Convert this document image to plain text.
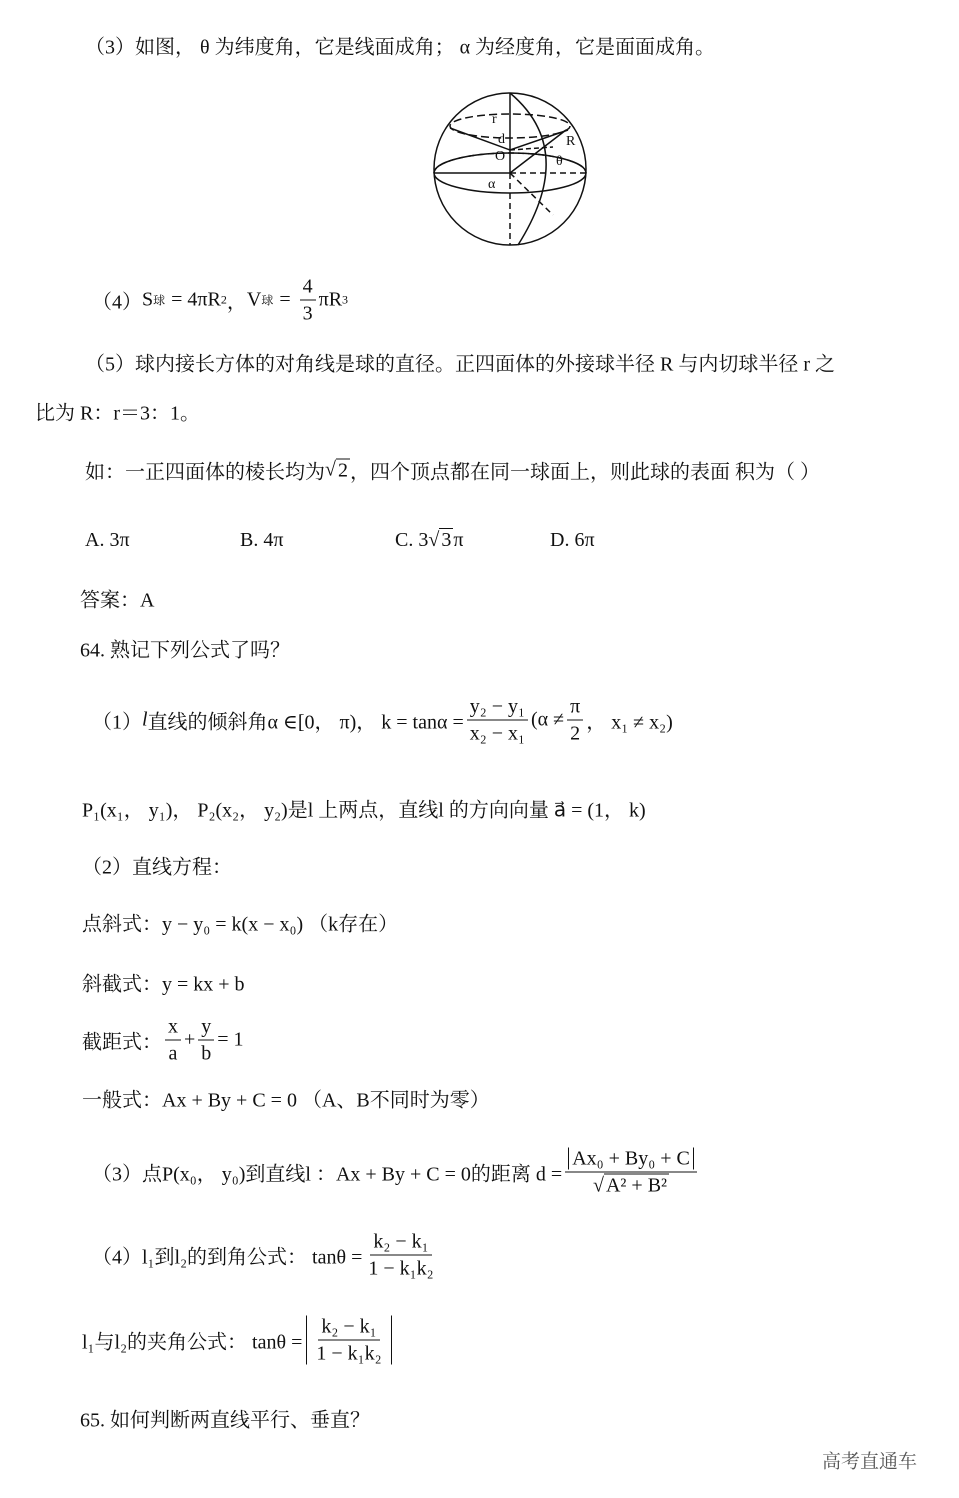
（3）如图， θ 为纬度角，它是线面成角； α 为经度角，它是面面成角。
O
d
r
R
θ
α
（4） S 球 = 4πR 2 ， V 球 = $\frac{4}{3}$ πR 3
（5）球内接长方体的对角线是球的直径。正四面体的外接球半径 R 与内切球半径 r 之
比为 R：r＝3：1。
如：一正四面体的棱长均为 √ 2 ，四个顶点都在同一球面上，则此球的表面 积为（ ）
A. 3π	B. 4π	C. 3√ 3 π	D. 6π
答案：A
64. 熟记下列公式了吗？
（1） l 直线的倾斜角α ∈[0， π)， $k = \tan\alpha = \frac{\text{y₂ − y₁}}{\text{x₂ − x₁}} (\alpha \ne \frac{\pi}{2}$ ， x₁ ≠ x₂)
P₁(x₁， y₁)， P₂(x₂， y₂)是l 上两点，直线l 的方向向量 a⃗ = (1， k)
（2）直线方程：
点斜式：y − y₀ = k(x − x₀) （k存在）
斜截式：y = kx + b
截距式： $\frac{x}{a} + \frac{y}{b} = 1$
一般式：Ax + By + C = 0 （A、B不同时为零）
（3）点P(x₀， y₀)到直线l ：Ax + By + C = 0的距离 $d = \frac{\text{Ax₀ + By₀ + C}}{\text{√ A² + B²}}$
（4）l₁到l₂的到角公式： $\tan\theta = \frac{\text{k₂ − k₁}}{\text{1 − k₁k₂}}$
l₁与l₂的夹角公式： $\tan\theta = \frac{\text{k₂ − k₁}}{\text{1 − k₁k₂}}$
65. 如何判断两直线平行、垂直？
高考直通车
